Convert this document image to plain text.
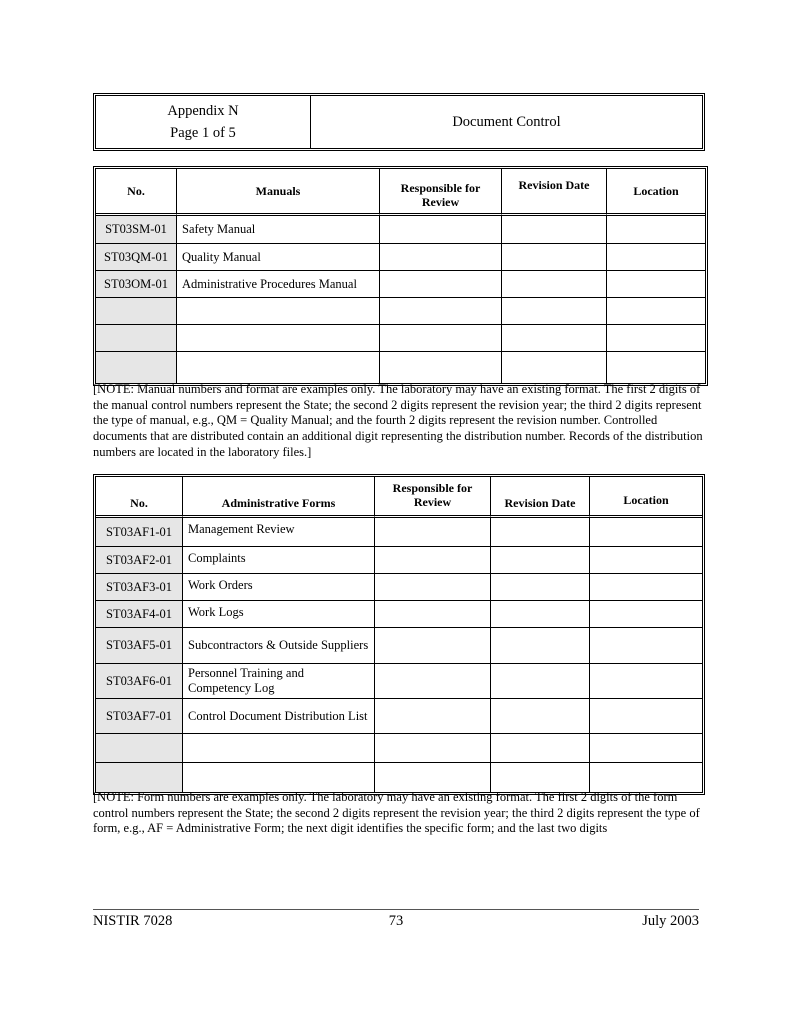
Appendix N
Page 1 of 5
Document Control
No.	Manuals	Responsible for Review	Revision Date	Location
ST03SM-01	Safety Manual			
ST03QM-01	Quality Manual			
ST03OM-01	Administrative Procedures Manual			

[NOTE: Manual numbers and format are examples only. The laboratory may have an existing format. The first 2 digits of the manual control numbers represent the State; the second 2 digits represent the revision year; the third 2 digits represent the type of manual, e.g., QM = Quality Manual; and the fourth 2 digits represent the revision number. Controlled documents that are distributed contain an additional digit representing the distribution number. Records of the distribution numbers are located in the laboratory files.]
No.	Administrative Forms	Responsible for Review	Revision Date	Location
ST03AF1-01	Management Review			
ST03AF2-01	Complaints			
ST03AF3-01	Work Orders			
ST03AF4-01	Work Logs			
ST03AF5-01	Subcontractors & Outside Suppliers			
ST03AF6-01	Personnel Training and Competency Log			
ST03AF7-01	Control Document Distribution List			

[NOTE: Form numbers are examples only. The laboratory may have an existing format. The first 2 digits of the form control numbers represent the State; the second 2 digits represent the revision year; the third 2 digits represent the type of form, e.g., AF = Administrative Form; the next digit identifies the specific form; and the last two digits
NISTIR 7028	73	July 2003
